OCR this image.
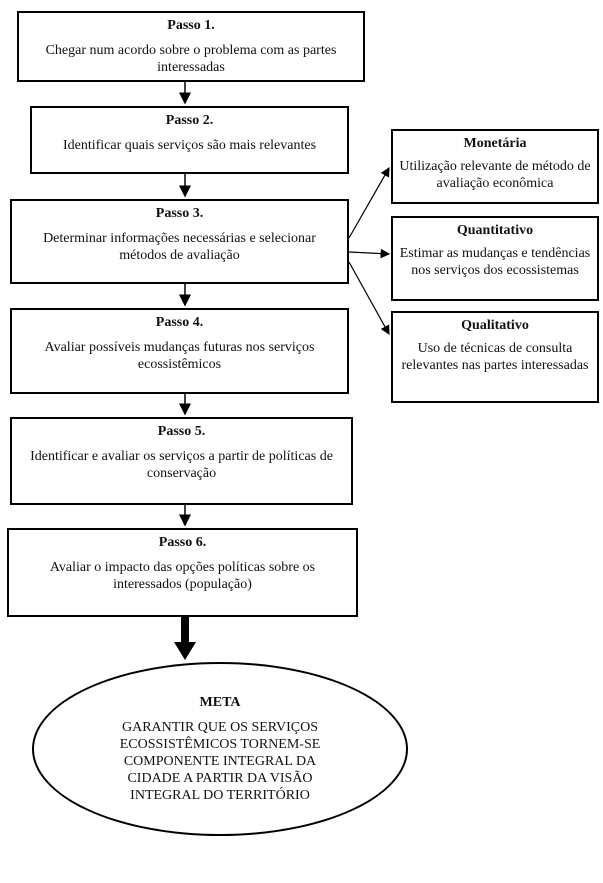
Passo 1.
Chegar num acordo sobre o problema com as partes interessadas
Passo 2.
Identificar quais serviços são mais relevantes
Passo 3.
Determinar informações necessárias e selecionar métodos de avaliação
Passo 4.
Avaliar possíveis mudanças futuras nos serviços ecossistêmicos
Passo 5.
Identificar e avaliar os serviços a partir de políticas de conservação
Passo 6.
Avaliar o impacto das opções políticas sobre os interessados (população)
Monetária
Utilização relevante de método de avaliação econômica
Quantitativo
Estimar as mudanças e tendências nos serviços dos ecossistemas
Qualitativo
Uso de técnicas de consulta relevantes nas partes interessadas
META
GARANTIR QUE OS SERVIÇOS ECOSSISTÊMICOS TORNEM-SE COMPONENTE INTEGRAL DA CIDADE A PARTIR DA VISÃO INTEGRAL DO TERRITÓRIO
